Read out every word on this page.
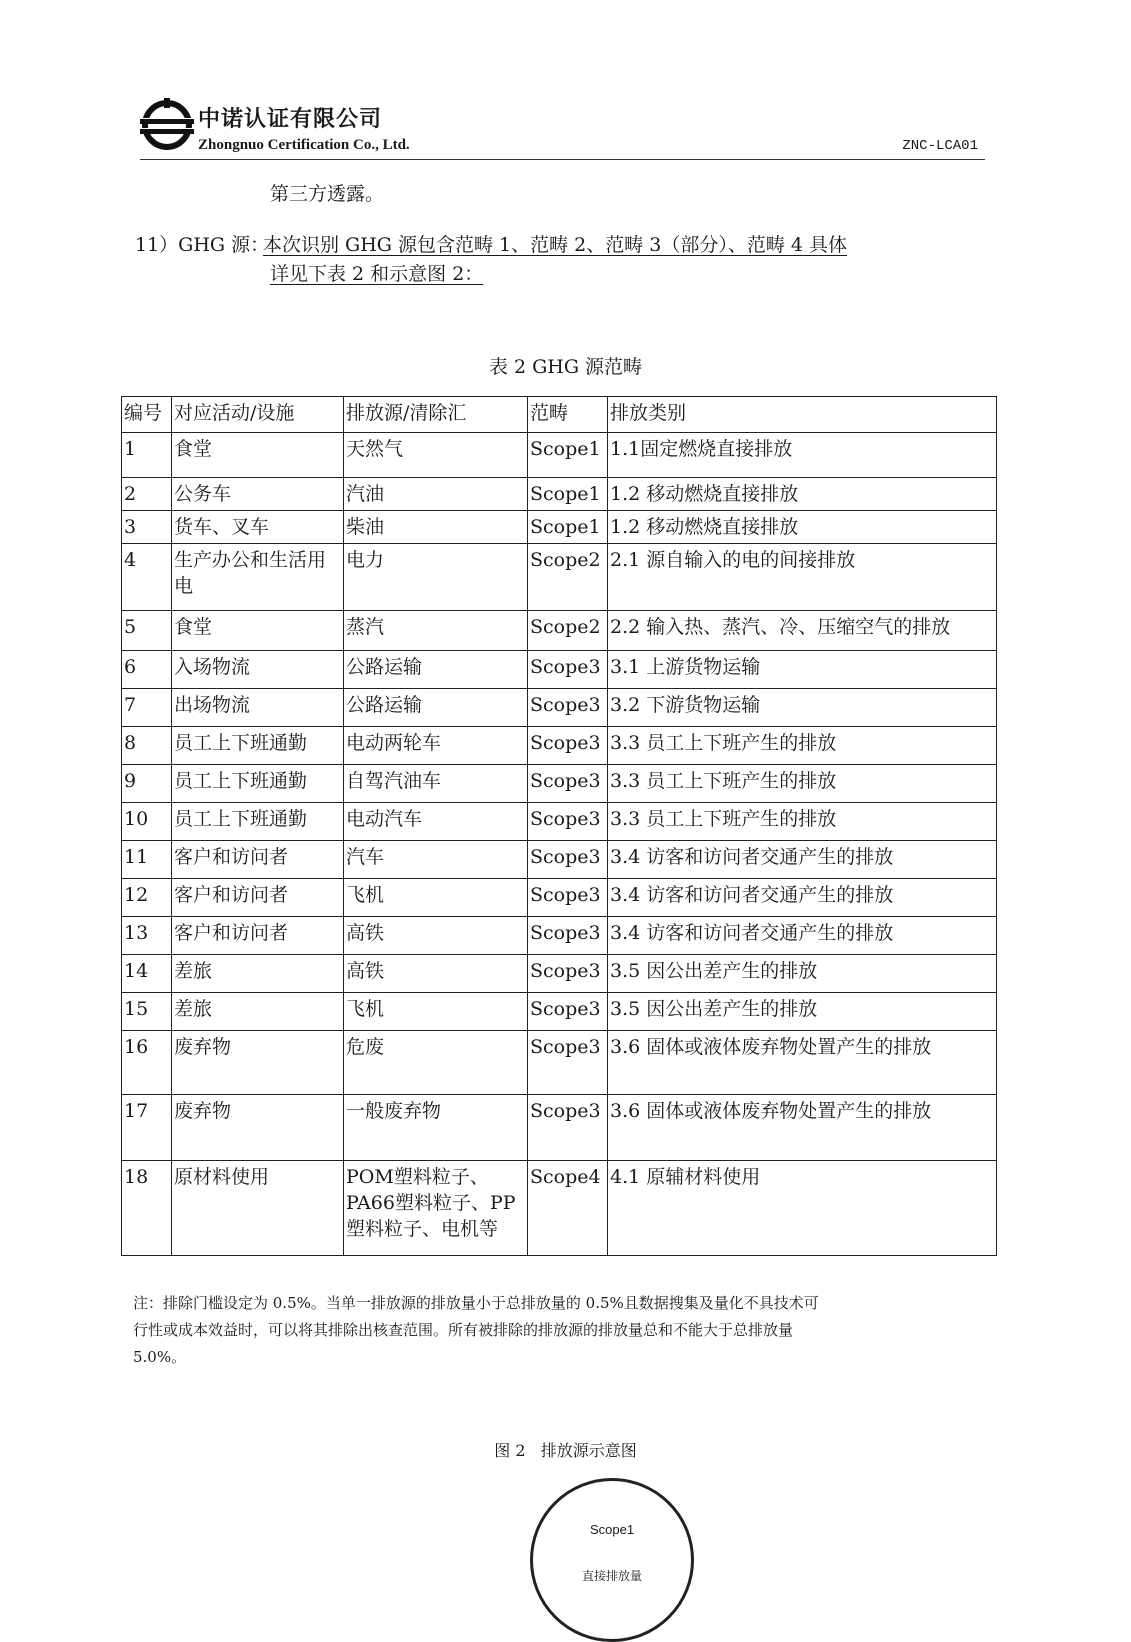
中诺认证有限公司
Zhongnuo Certification Co., Ltd.	ZNC-LCA01
第三方透露。
11）GHG 源：
本次识别 GHG 源包含范畴 1、范畴 2、范畴 3（部分）、范畴 4 具体
详见下表 2 和示意图 2：
表 2 GHG 源范畴
编号	对应活动/设施	排放源/清除汇	范畴	排放类别
1	食堂	天然气	Scope1	1.1固定燃烧直接排放
2	公务车	汽油	Scope1	1.2 移动燃烧直接排放
3	货车、叉车	柴油	Scope1	1.2 移动燃烧直接排放
4	生产办公和生活用电	电力	Scope2	2.1 源自输入的电的间接排放
5	食堂	蒸汽	Scope2	2.2 输入热、蒸汽、冷、压缩空气的排放
6	入场物流	公路运输	Scope3	3.1 上游货物运输
7	出场物流	公路运输	Scope3	3.2 下游货物运输
8	员工上下班通勤	电动两轮车	Scope3	3.3 员工上下班产生的排放
9	员工上下班通勤	自驾汽油车	Scope3	3.3 员工上下班产生的排放
10	员工上下班通勤	电动汽车	Scope3	3.3 员工上下班产生的排放
11	客户和访问者	汽车	Scope3	3.4 访客和访问者交通产生的排放
12	客户和访问者	飞机	Scope3	3.4 访客和访问者交通产生的排放
13	客户和访问者	高铁	Scope3	3.4 访客和访问者交通产生的排放
14	差旅	高铁	Scope3	3.5 因公出差产生的排放
15	差旅	飞机	Scope3	3.5 因公出差产生的排放
16	废弃物	危废	Scope3	3.6 固体或液体废弃物处置产生的排放
17	废弃物	一般废弃物	Scope3	3.6 固体或液体废弃物处置产生的排放
18	原材料使用	POM塑料粒子、PA66塑料粒子、PP塑料粒子、电机等	Scope4	4.1 原辅材料使用
注：排除门槛设定为 0.5%。当单一排放源的排放量小于总排放量的 0.5%且数据搜集及量化不具技术可
行性或成本效益时，可以将其排除出核查范围。所有被排除的排放源的排放量总和不能大于总排放量
5.0%。
图 2   排放源示意图
Scope1
直接排放量
